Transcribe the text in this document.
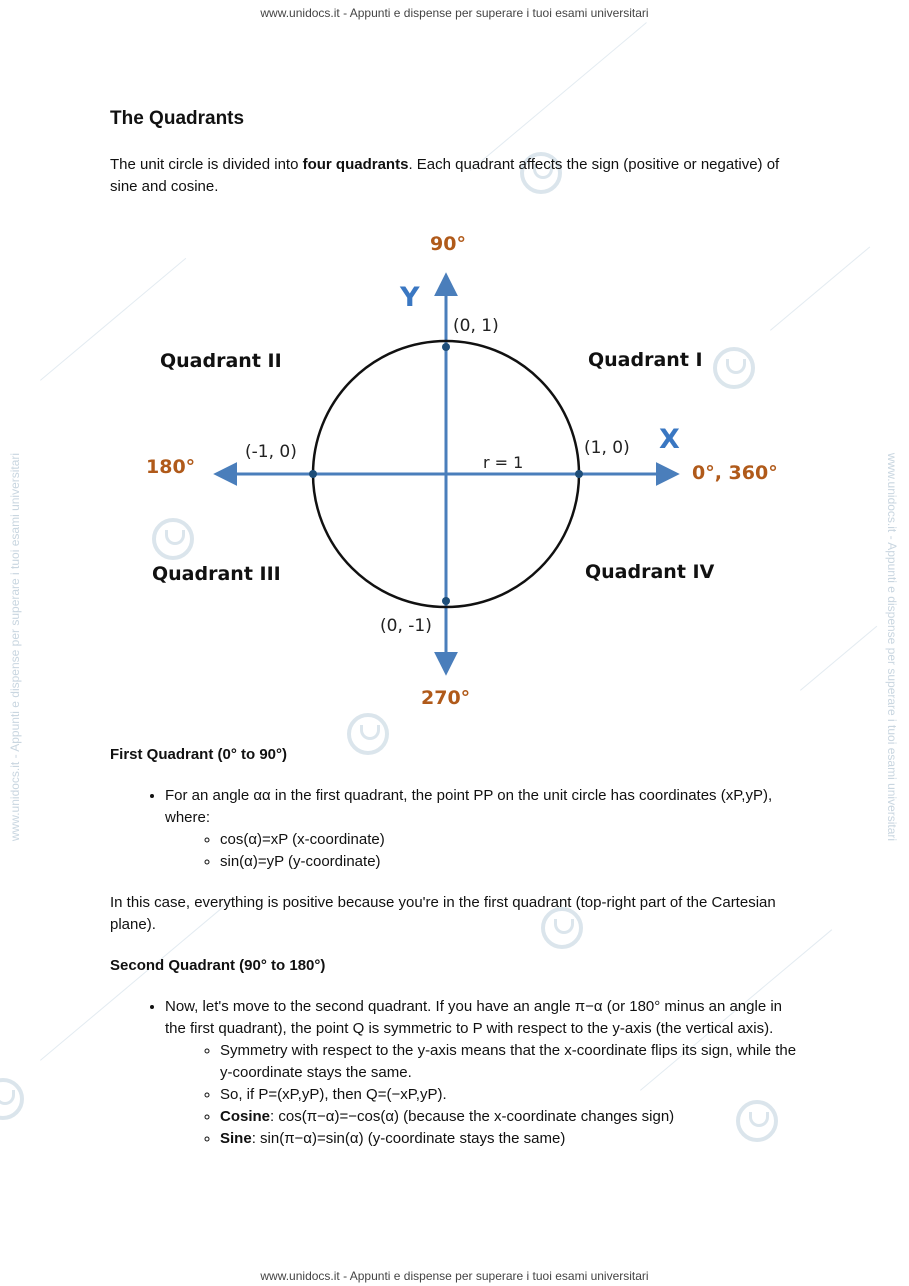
www.unidocs.it - Appunti e dispense per superare i tuoi esami universitari
www.unidocs.it - Appunti e dispense per superare i tuoi esami universitari
www.unidocs.it - Appunti e dispense per superare i tuoi esami universitari	www.unidocs.it - Appunti e dispense per superare i tuoi esami universitari
The Quadrants

The unit circle is divided into four quadrants. Each quadrant affects the sign (positive or negative) of sine and cosine.

90°
180°	0°, 360°
270°
Y
X
(0, 1)
(-1, 0)	(1, 0)
(0, -1)
r = 1
Quadrant I
Quadrant II
Quadrant III	Quadrant IV

First Quadrant (0° to 90°)

• For an angle αα in the first quadrant, the point PP on the unit circle has coordinates (xP,yP), where:
◦ cos(α)=xP (x-coordinate)
◦ sin(α)=yP (y-coordinate)

In this case, everything is positive because you're in the first quadrant (top-right part of the Cartesian plane).

Second Quadrant (90° to 180°)

• Now, let's move to the second quadrant. If you have an angle π−α (or 180° minus an angle in the first quadrant), the point Q is symmetric to P with respect to the y-axis (the vertical axis).
◦ Symmetry with respect to the y-axis means that the x-coordinate flips its sign, while the y-coordinate stays the same.
◦ So, if P=(xP,yP), then Q=(−xP,yP).
◦ Cosine: cos(π−α)=−cos(α) (because the x-coordinate changes sign)
◦ Sine: sin(π−α)=sin(α) (y-coordinate stays the same)
